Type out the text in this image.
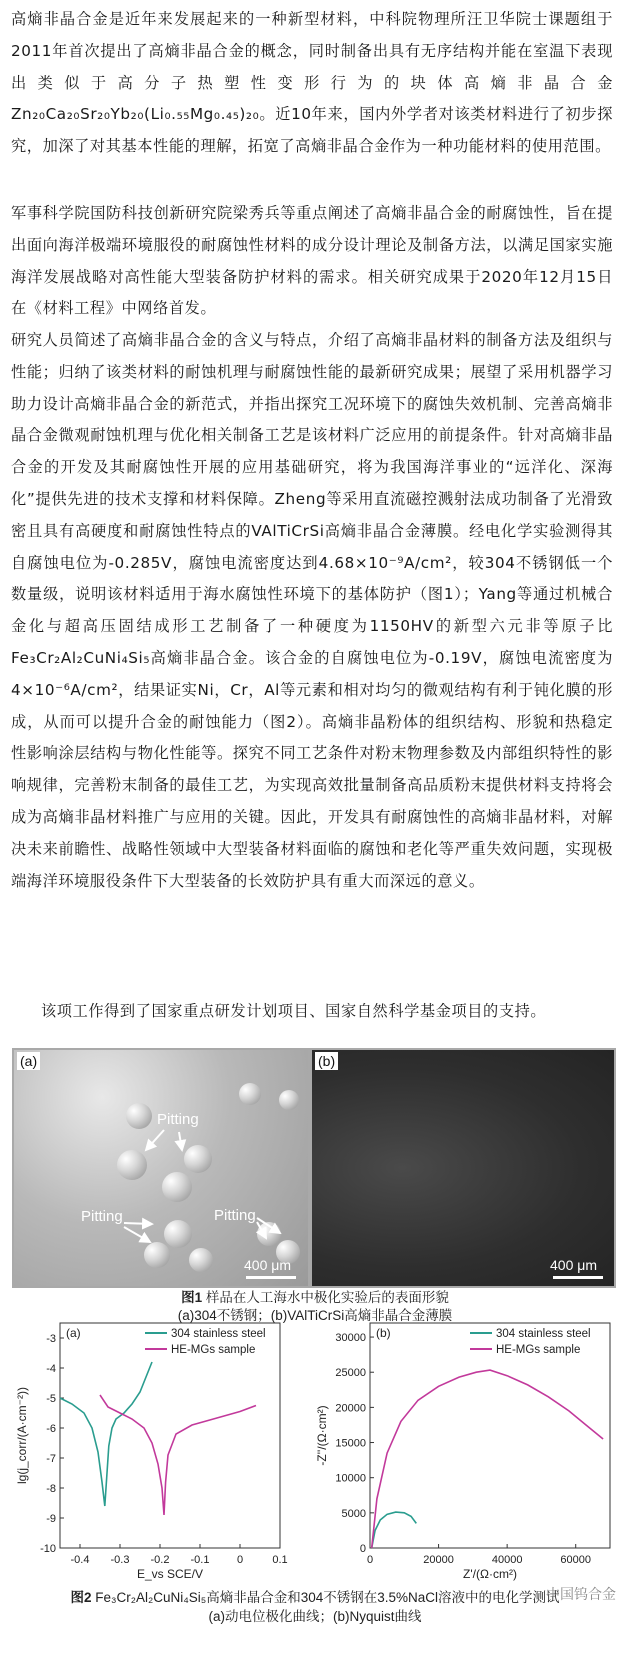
高熵非晶合金是近年来发展起来的一种新型材料，中科院物理所汪卫华院士课题组于2011年首次提出了高熵非晶合金的概念，同时制备出具有无序结构并能在室温下表现出类似于高分子热塑性变形行为的块体高熵非晶合金Zn₂₀Ca₂₀Sr₂₀Yb₂₀(Li₀.₅₅Mg₀.₄₅)₂₀。近10年来，国内外学者对该类材料进行了初步探究，加深了对其基本性能的理解，拓宽了高熵非晶合金作为一种功能材料的使用范围。

军事科学院国防科技创新研究院梁秀兵等重点阐述了高熵非晶合金的耐腐蚀性，旨在提出面向海洋极端环境服役的耐腐蚀性材料的成分设计理论及制备方法，以满足国家实施海洋发展战略对高性能大型装备防护材料的需求。相关研究成果于2020年12月15日在《材料工程》中网络首发。

研究人员简述了高熵非晶合金的含义与特点，介绍了高熵非晶材料的制备方法及组织与性能；归纳了该类材料的耐蚀机理与耐腐蚀性能的最新研究成果；展望了采用机器学习助力设计高熵非晶合金的新范式，并指出探究工况环境下的腐蚀失效机制、完善高熵非晶合金微观耐蚀机理与优化相关制备工艺是该材料广泛应用的前提条件。针对高熵非晶合金的开发及其耐腐蚀性开展的应用基础研究，将为我国海洋事业的“远洋化、深海化”提供先进的技术支撑和材料保障。Zheng等采用直流磁控溅射法成功制备了光滑致密且具有高硬度和耐腐蚀性特点的VAlTiCrSi高熵非晶合金薄膜。经电化学实验测得其自腐蚀电位为-0.285V，腐蚀电流密度达到4.68×10⁻⁹A/cm²，较304不锈钢低一个数量级，说明该材料适用于海水腐蚀性环境下的基体防护（图1）；Yang等通过机械合金化与超高压固结成形工艺制备了一种硬度为1150HV的新型六元非等原子比Fe₃Cr₂Al₂CuNi₄Si₅高熵非晶合金。该合金的自腐蚀电位为-0.19V，腐蚀电流密度为4×10⁻⁶A/cm²，结果证实Ni，Cr，Al等元素和相对均匀的微观结构有利于钝化膜的形成，从而可以提升合金的耐蚀能力（图2）。高熵非晶粉体的组织结构、形貌和热稳定性影响涂层结构与物化性能等。探究不同工艺条件对粉末物理参数及内部组织特性的影响规律，完善粉末制备的最佳工艺，为实现高效批量制备高品质粉末提供材料支持将会成为高熵非晶材料推广与应用的关键。因此，开发具有耐腐蚀性的高熵非晶材料，对解决未来前瞻性、战略性领域中大型装备材料面临的腐蚀和老化等严重失效问题，实现极端海洋环境服役条件下大型装备的长效防护具有重大而深远的意义。

该项工作得到了国家重点研发计划项目、国家自然科学基金项目的支持。

(a)
Pitting
Pitting	Pitting
400 μm
(b)
400 μm
图1 样品在人工海水中极化实验后的表面形貌
(a)304不锈钢；(b)VAlTiCrSi高熵非晶合金薄膜
-0.4 -0.3 -0.2 -0.1 0	0.1
-10
-9
-8
-7
-6
-5
-4
-3 (a)
E_vs SCE/V
lg(j_corr/(A·cm⁻²))
304 stainless steel
HE-MGs sample
0	20000	40000	60000
0
5000
10000
15000
20000
25000
30000 (b)
Z'/(Ω·cm²)
-Z''/(Ω·cm²)
304 stainless steel
HE-MGs sample
图2 Fe₃Cr₂Al₂CuNi₄Si₅高熵非晶合金和304不锈钢在3.5%NaCl溶液中的电化学测试
(a)动电位极化曲线；(b)Nyquist曲线
中国钨合金
